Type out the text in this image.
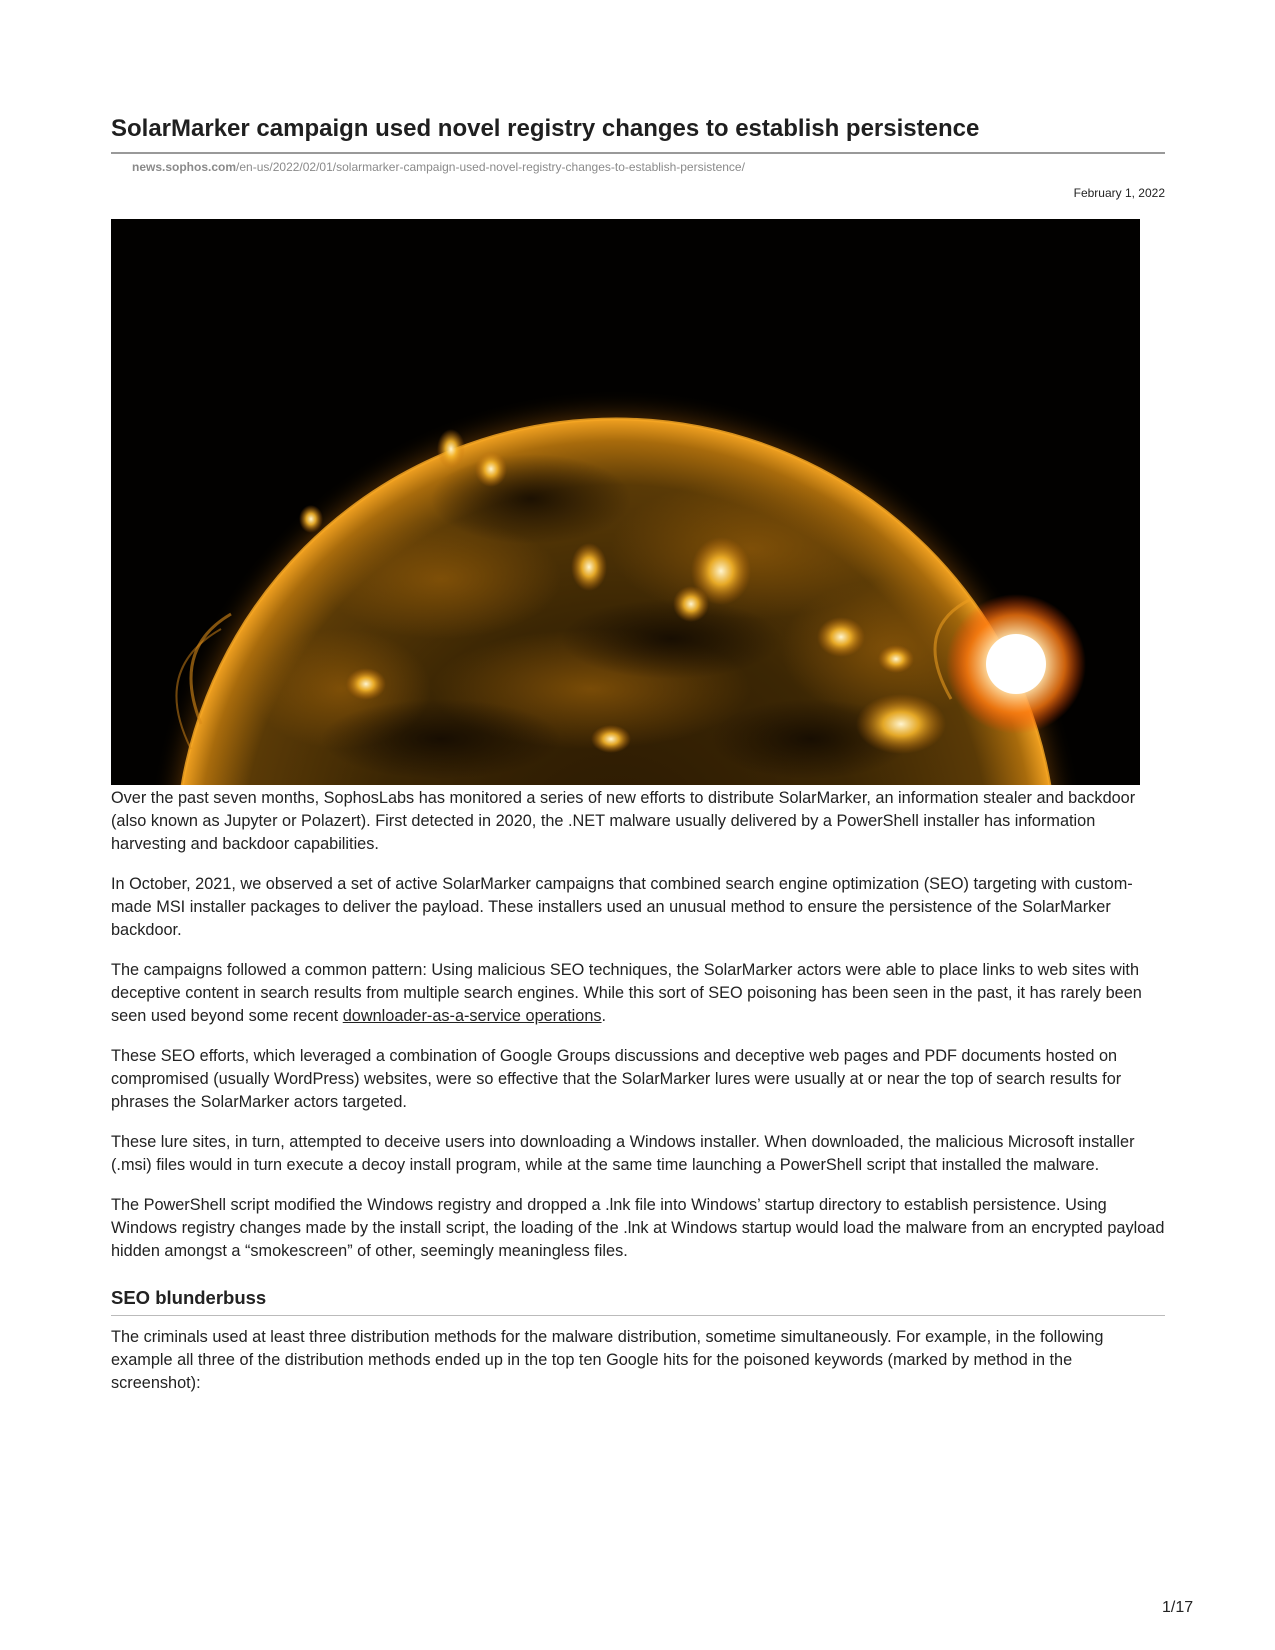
SolarMarker campaign used novel registry changes to establish persistence
news.sophos.com/en-us/2022/02/01/solarmarker-campaign-used-novel-registry-changes-to-establish-persistence/
February 1, 2022

Over the past seven months, SophosLabs has monitored a series of new efforts to distribute SolarMarker, an information stealer and backdoor (also known as Jupyter or Polazert). First detected in 2020, the .NET malware usually delivered by a PowerShell installer has information harvesting and backdoor capabilities.

In October, 2021, we observed a set of active SolarMarker campaigns that combined search engine optimization (SEO) targeting with custom-made MSI installer packages to deliver the payload. These installers used an unusual method to ensure the persistence of the SolarMarker backdoor.

The campaigns followed a common pattern: Using malicious SEO techniques, the SolarMarker actors were able to place links to web sites with deceptive content in search results from multiple search engines. While this sort of SEO poisoning has been seen in the past, it has rarely been seen used beyond some recent downloader-as-a-service operations.

These SEO efforts, which leveraged a combination of Google Groups discussions and deceptive web pages and PDF documents hosted on compromised (usually WordPress) websites, were so effective that the SolarMarker lures were usually at or near the top of search results for phrases the SolarMarker actors targeted.

These lure sites, in turn, attempted to deceive users into downloading a Windows installer. When downloaded, the malicious Microsoft installer (.msi) files would in turn execute a decoy install program, while at the same time launching a PowerShell script that installed the malware.

The PowerShell script modified the Windows registry and dropped a .lnk file into Windows’ startup directory to establish persistence. Using Windows registry changes made by the install script, the loading of the .lnk at Windows startup would load the malware from an encrypted payload hidden amongst a “smokescreen” of other, seemingly meaningless files.

SEO blunderbuss

The criminals used at least three distribution methods for the malware distribution, sometime simultaneously. For example, in the following example all three of the distribution methods ended up in the top ten Google hits for the poisoned keywords (marked by method in the screenshot):

1/17
